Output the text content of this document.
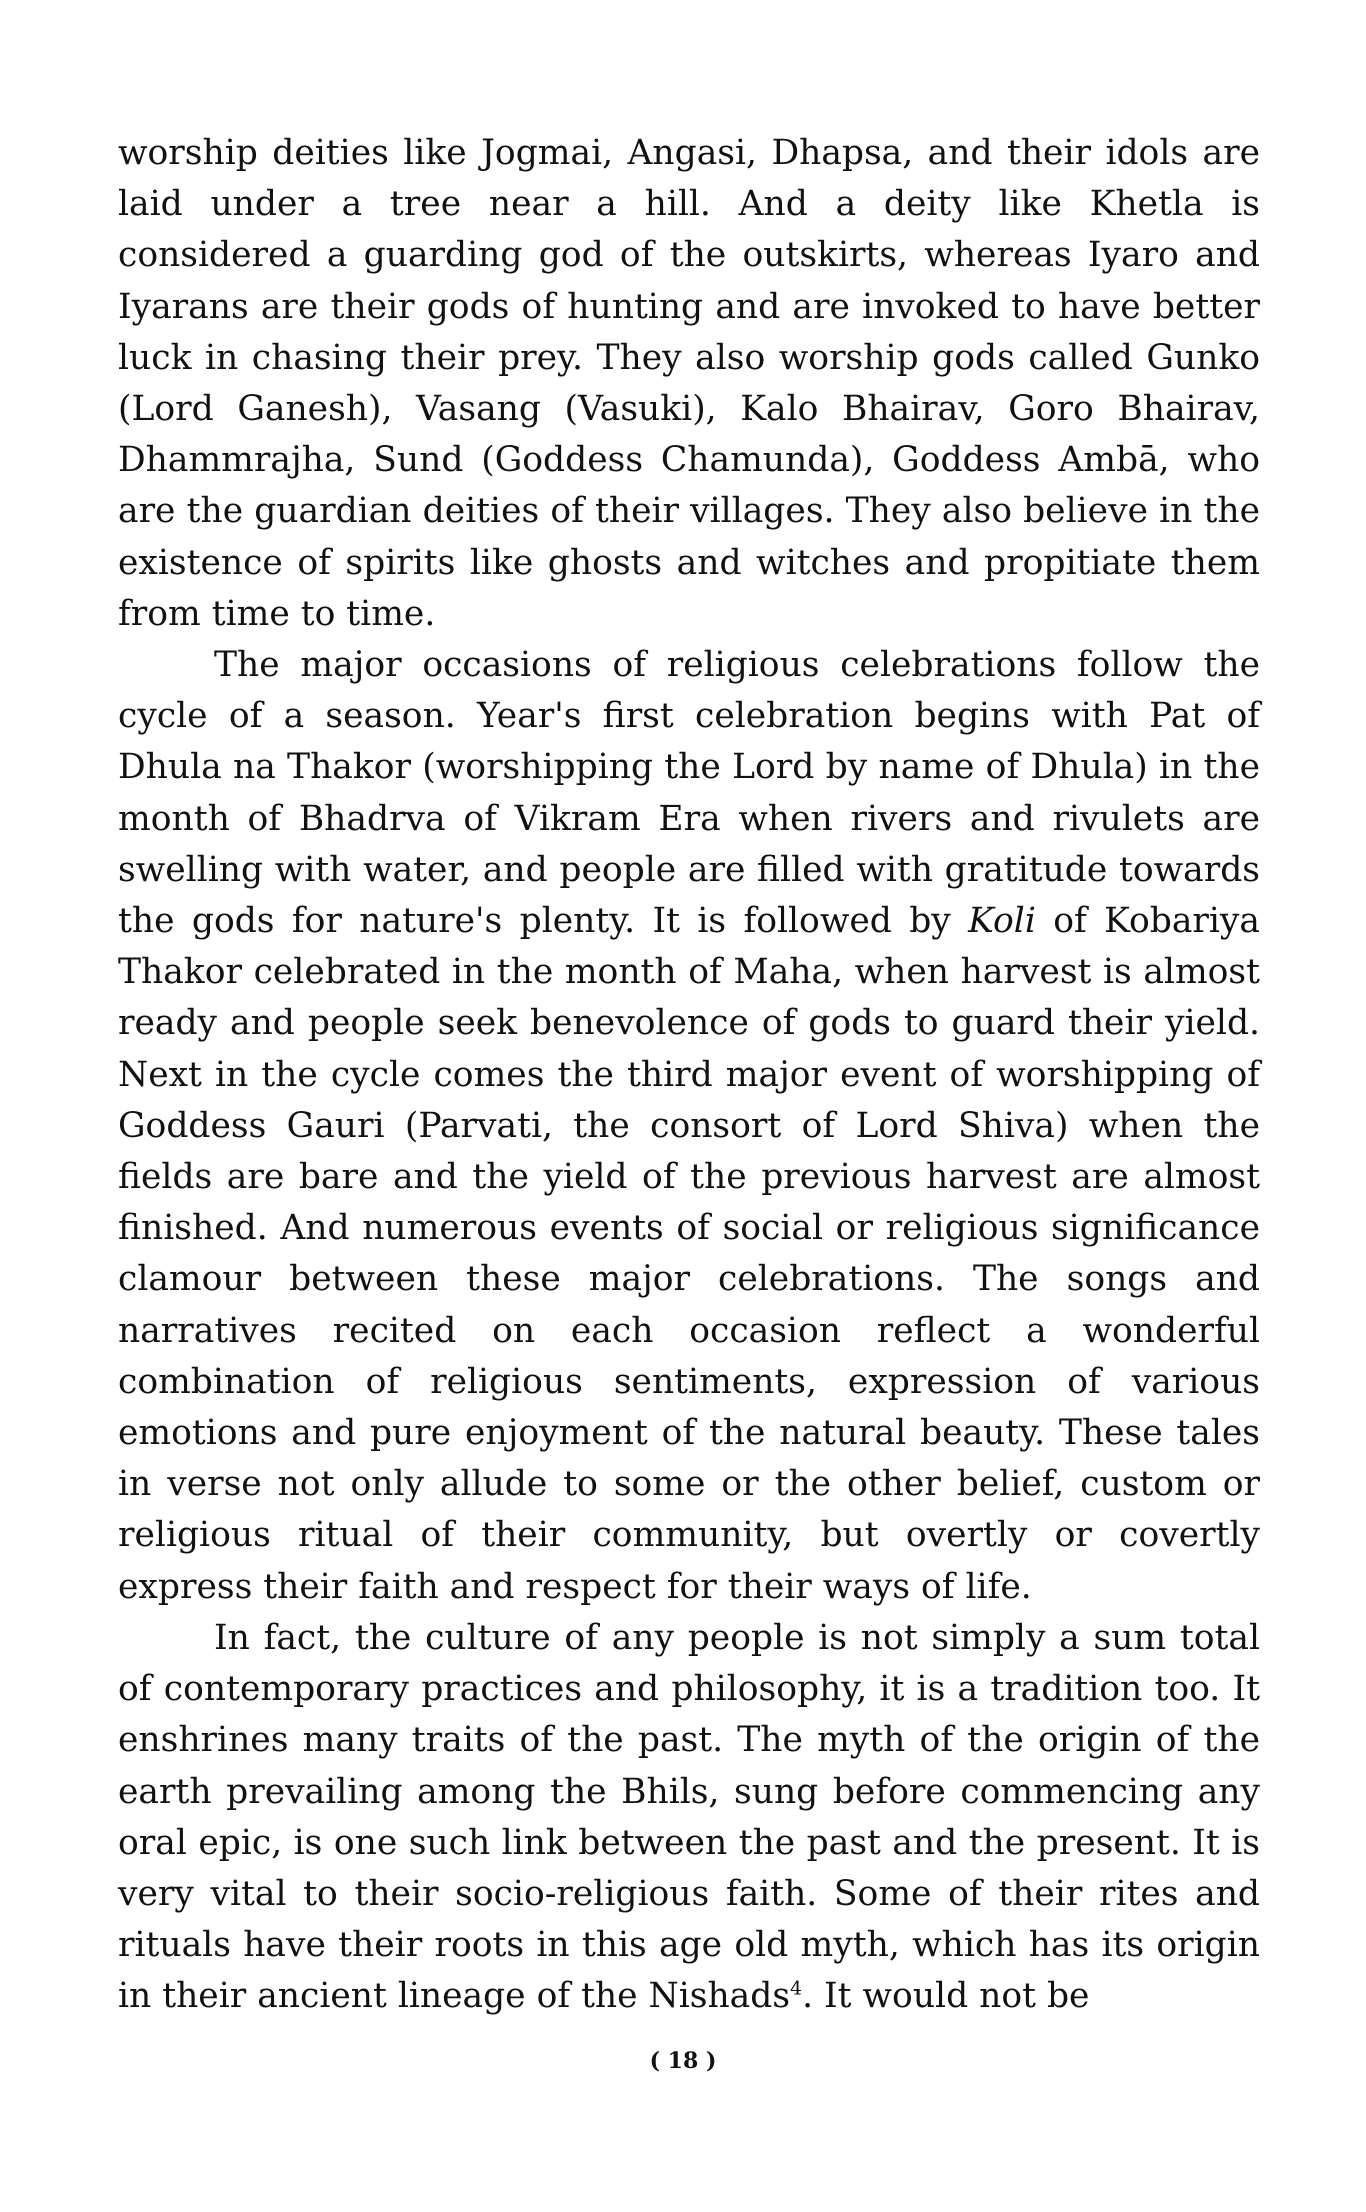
worship deities like Jogmai, Angasi, Dhapsa, and their idols are laid under a tree near a hill. And a deity like Khetla is considered a guarding god of the outskirts, whereas Iyaro and Iyarans are their gods of hunting and are invoked to have better luck in chasing their prey. They also worship gods called Gunko (Lord Ganesh), Vasang (Vasuki), Kalo Bhairav, Goro Bhairav, Dhammrajha, Sund (Goddess Chamunda), Goddess Ambā, who are the guardian deities of their villages. They also believe in the existence of spirits like ghosts and witches and propitiate them from time to time.

The major occasions of religious celebrations follow the cycle of a season. Year's first celebration begins with Pat of Dhula na Thakor (worshipping the Lord by name of Dhula) in the month of Bhadrva of Vikram Era when rivers and rivulets are swelling with water, and people are filled with gratitude towards the gods for nature's plenty. It is followed by Koli of Kobariya Thakor celebrated in the month of Maha, when harvest is almost ready and people seek benevolence of gods to guard their yield. Next in the cycle comes the third major event of worshipping of Goddess Gauri (Parvati, the consort of Lord Shiva) when the fields are bare and the yield of the previous harvest are almost finished. And numerous events of social or religious significance clamour between these major celebrations. The songs and narratives recited on each occasion reflect a wonderful combination of religious sentiments, expression of various emotions and pure enjoyment of the natural beauty. These tales in verse not only allude to some or the other belief, custom or religious ritual of their community, but overtly or covertly express their faith and respect for their ways of life.

In fact, the culture of any people is not simply a sum total of contemporary practices and philosophy, it is a tradition too. It enshrines many traits of the past. The myth of the origin of the earth prevailing among the Bhils, sung before commencing any oral epic, is one such link between the past and the present. It is very vital to their socio-religious faith. Some of their rites and rituals have their roots in this age old myth, which has its origin in their ancient lineage of the Nishads$^4$. It would not be

( 18 )
